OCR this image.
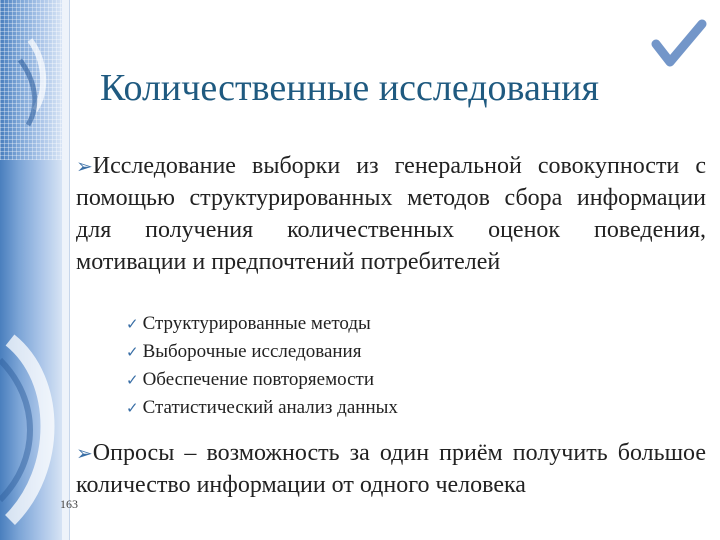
Количественные исследования
➢Исследование выборки из генеральной совокупности с помощью структурированных методов сбора информации для получения количественных оценок поведения, мотивации и предпочтений потребителей
✓ Структурированные методы
✓ Выборочные исследования
✓ Обеспечение повторяемости
✓ Статистический анализ данных
➢Опросы – возможность за один приём получить большое количество информации от одного человека
163
